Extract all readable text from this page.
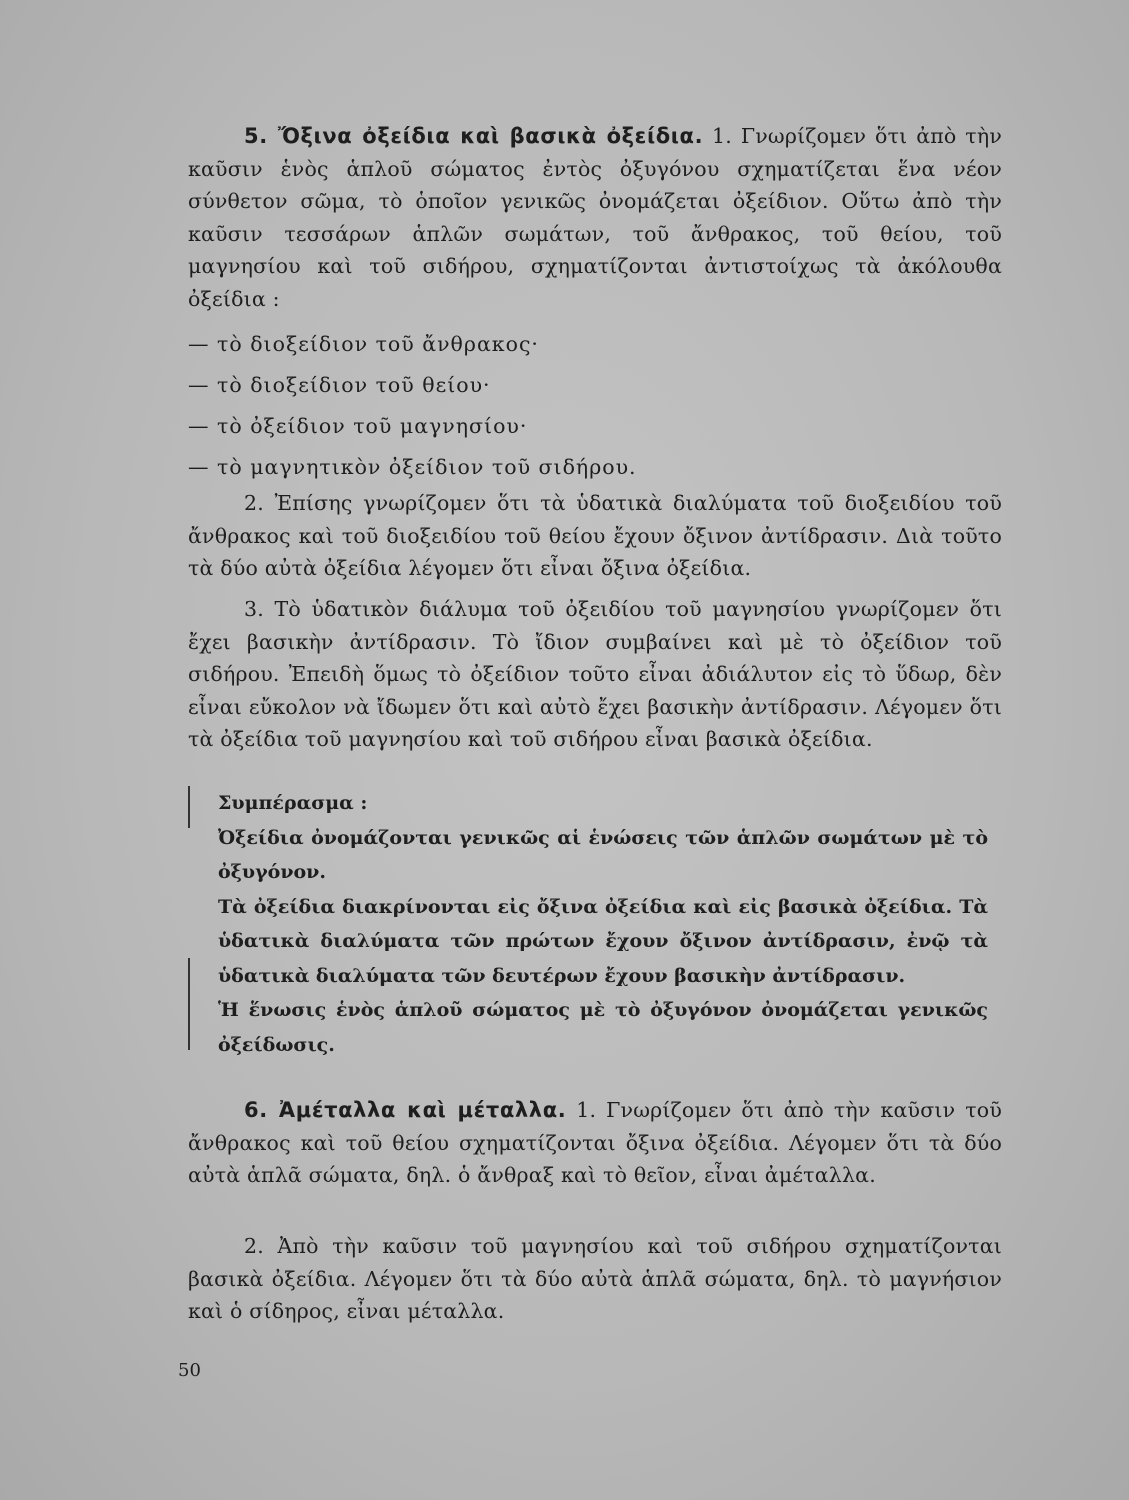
5. Ὄξινα ὀξείδια καὶ βασικὰ ὀξείδια. 1. Γνωρίζομεν ὅτι ἀπὸ τὴν καῦσιν ἑνὸς ἁπλοῦ σώματος ἐντὸς ὀξυγόνου σχηματίζεται ἕνα νέον σύνθετον σῶμα, τὸ ὁποῖον γενικῶς ὀνομάζεται ὀξείδιον. Οὕτω ἀπὸ τὴν καῦσιν τεσσάρων ἁπλῶν σωμάτων, τοῦ ἄνθρακος, τοῦ θείου, τοῦ μαγνησίου καὶ τοῦ σιδήρου, σχηματίζονται ἀντιστοίχως τὰ ἀκόλουθα ὀξείδια :

— τὸ διοξείδιον τοῦ ἄνθρακος·
— τὸ διοξείδιον τοῦ θείου·
— τὸ ὀξείδιον τοῦ μαγνησίου·
— τὸ μαγνητικὸν ὀξείδιον τοῦ σιδήρου.

2. Ἐπίσης γνωρίζομεν ὅτι τὰ ὑδατικὰ διαλύματα τοῦ διοξειδίου τοῦ ἄνθρακος καὶ τοῦ διοξειδίου τοῦ θείου ἔχουν ὄξινον ἀντίδρασιν. Διὰ τοῦτο τὰ δύο αὐτὰ ὀξείδια λέγομεν ὅτι εἶναι ὄξινα ὀξείδια.

3. Τὸ ὑδατικὸν διάλυμα τοῦ ὀξειδίου τοῦ μαγνησίου γνωρίζομεν ὅτι ἔχει βασικὴν ἀντίδρασιν. Τὸ ἴδιον συμβαίνει καὶ μὲ τὸ ὀξείδιον τοῦ σιδήρου. Ἐπειδὴ ὅμως τὸ ὀξείδιον τοῦτο εἶναι ἀδιάλυτον εἰς τὸ ὕδωρ, δὲν εἶναι εὔκολον νὰ ἴδωμεν ὅτι καὶ αὐτὸ ἔχει βασικὴν ἀντίδρασιν. Λέγομεν ὅτι τὰ ὀξείδια τοῦ μαγνησίου καὶ τοῦ σιδήρου εἶναι βασικὰ ὀξείδια.

Συμπέρασμα :
Ὀξείδια ὀνομάζονται γενικῶς αἱ ἑνώσεις τῶν ἁπλῶν σωμάτων μὲ τὸ ὀξυγόνον.
Τὰ ὀξείδια διακρίνονται εἰς ὄξινα ὀξείδια καὶ εἰς βασικὰ ὀξείδια. Τὰ ὑδατικὰ διαλύματα τῶν πρώτων ἔχουν ὄξινον ἀντίδρασιν, ἐνῷ τὰ ὑδατικὰ διαλύματα τῶν δευτέρων ἔχουν βασικὴν ἀντίδρασιν.
Ἡ ἕνωσις ἑνὸς ἁπλοῦ σώματος μὲ τὸ ὀξυγόνον ὀνομάζεται γενικῶς ὀξείδωσις.

6. Ἀμέταλλα καὶ μέταλλα. 1. Γνωρίζομεν ὅτι ἀπὸ τὴν καῦσιν τοῦ ἄνθρακος καὶ τοῦ θείου σχηματίζονται ὄξινα ὀξείδια. Λέγομεν ὅτι τὰ δύο αὐτὰ ἁπλᾶ σώματα, δηλ. ὁ ἄνθραξ καὶ τὸ θεῖον, εἶναι ἀμέταλλα.

2. Ἀπὸ τὴν καῦσιν τοῦ μαγνησίου καὶ τοῦ σιδήρου σχηματίζονται βασικὰ ὀξείδια. Λέγομεν ὅτι τὰ δύο αὐτὰ ἁπλᾶ σώματα, δηλ. τὸ μαγνήσιον καὶ ὁ σίδηρος, εἶναι μέταλλα.

50
